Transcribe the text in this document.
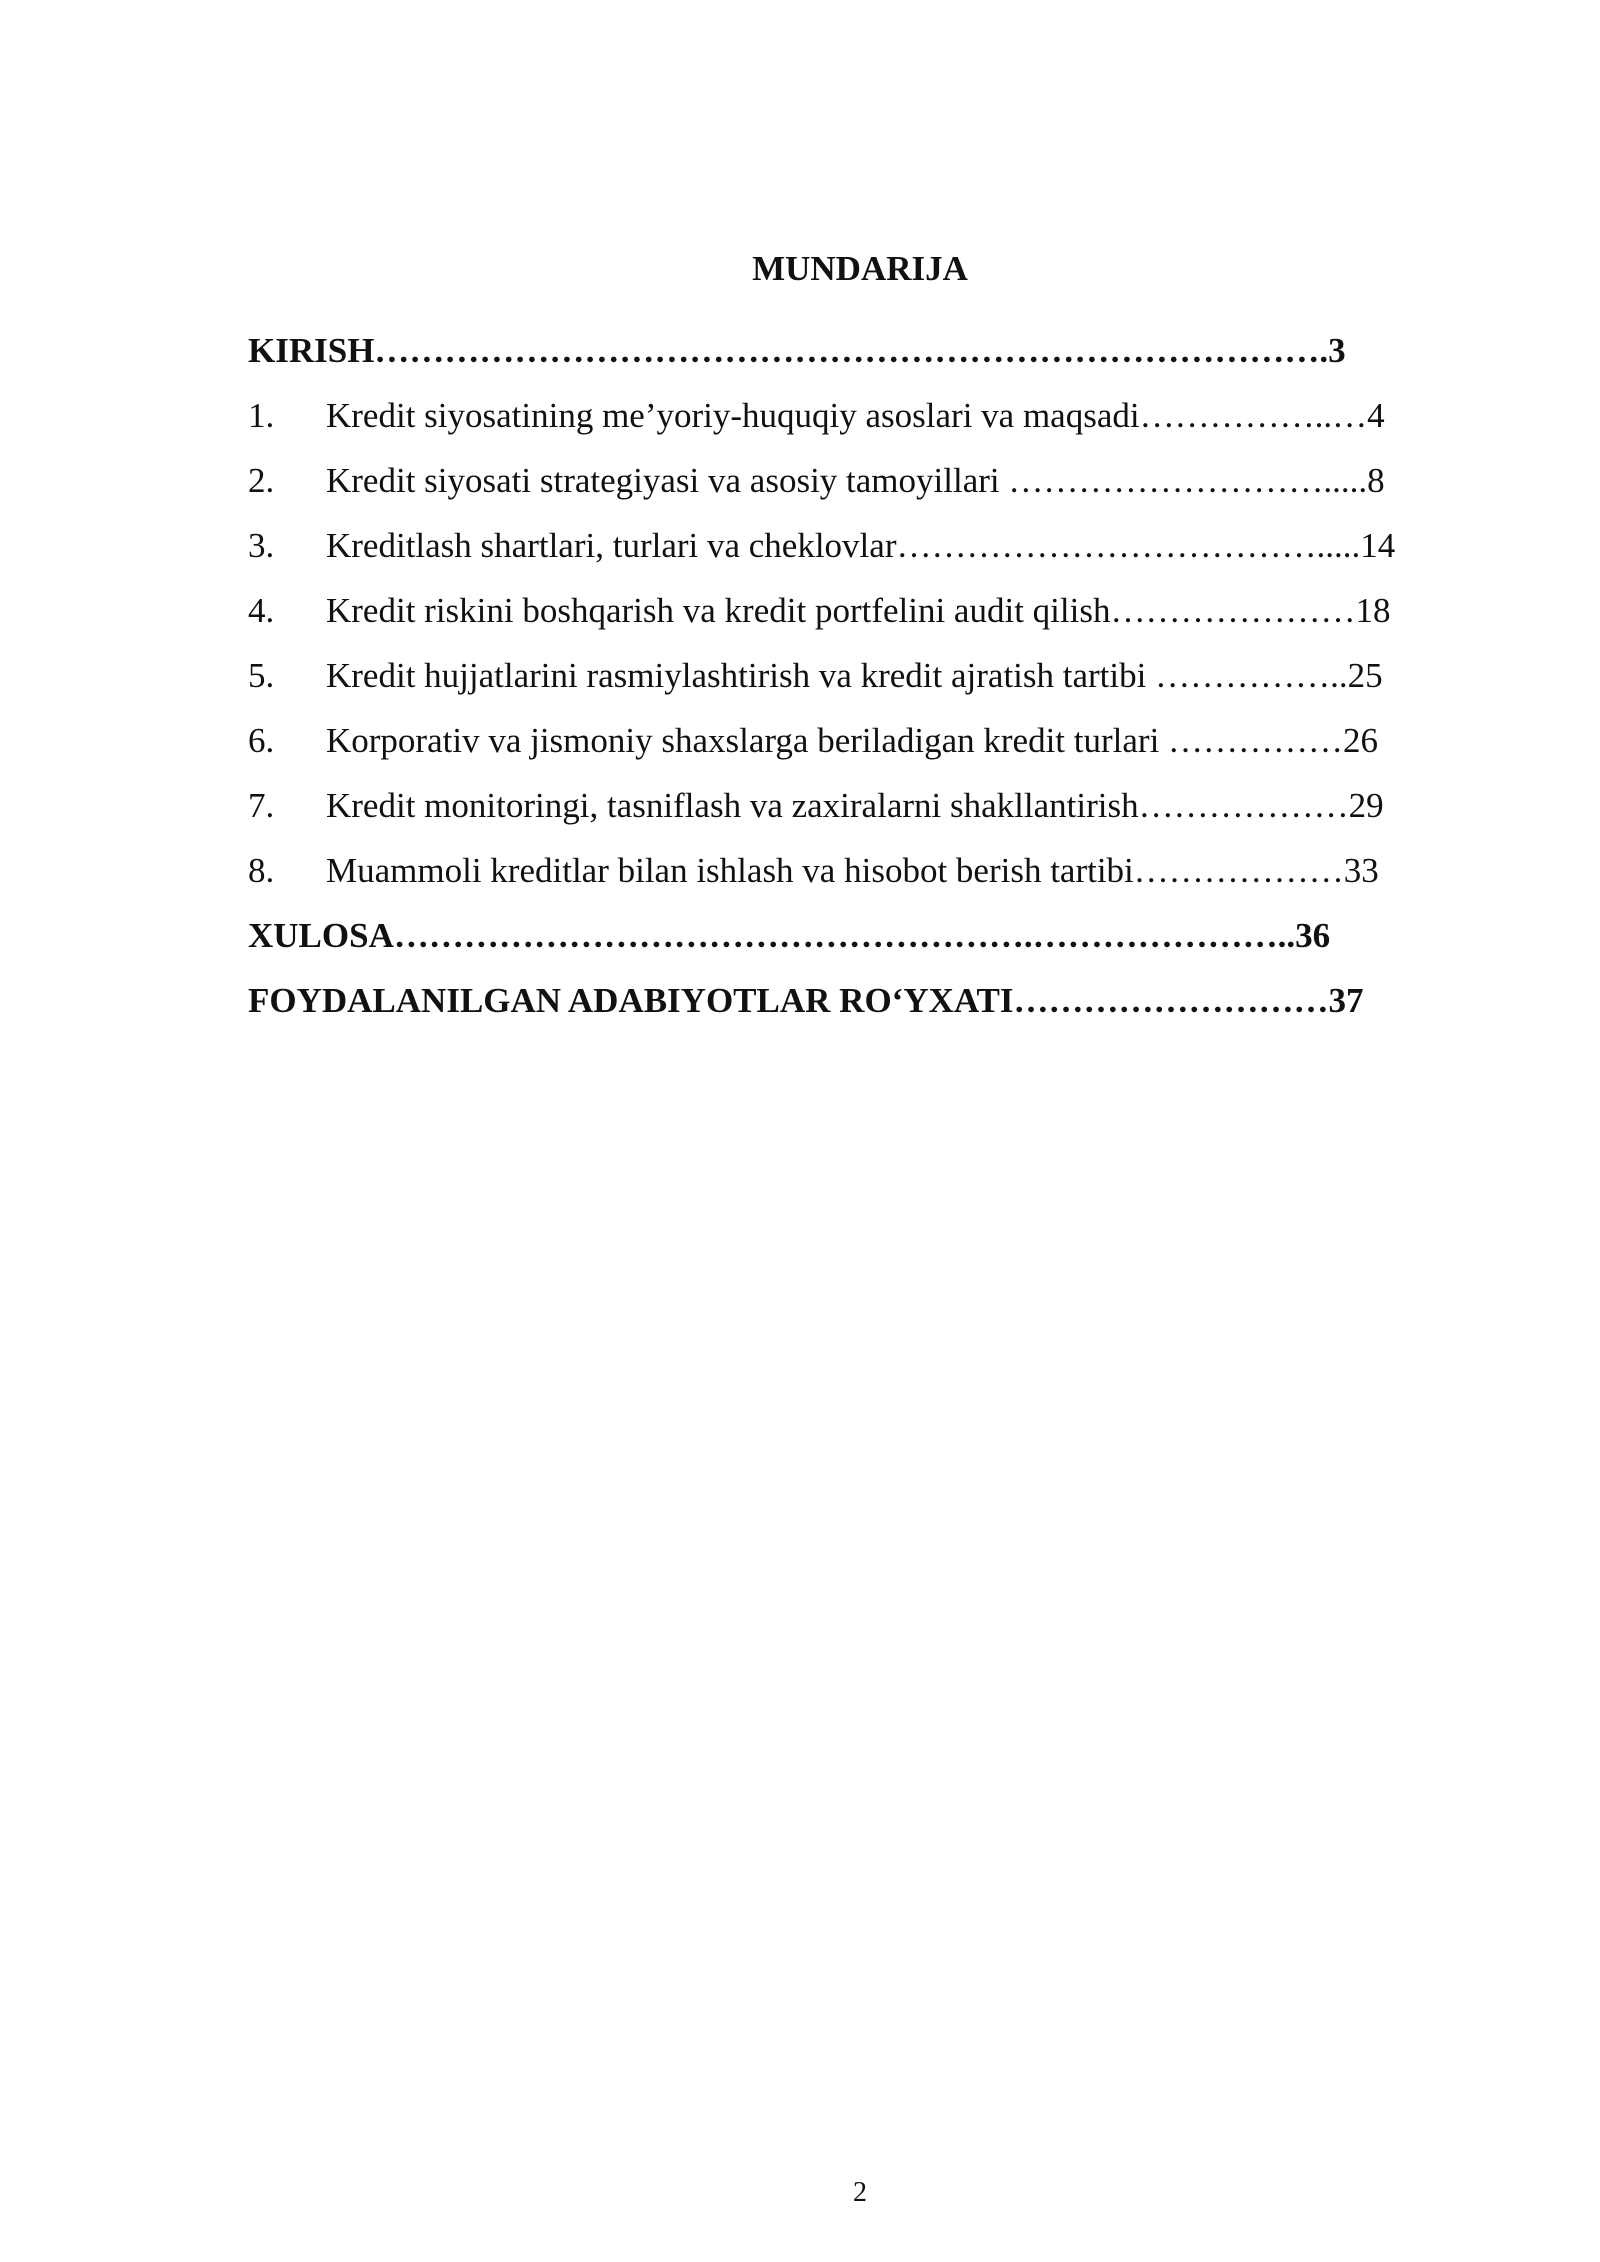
MUNDARIJA
KIRISH……………………………………………………………………….3
1. Kredit siyosatining me’yoriy-huquqiy asoslari va maqsadi……………..…4
2. Kredit siyosati strategiyasi va asosiy tamoyillari ……………………….....8
3. Kreditlash shartlari, turlari va cheklovlar……………………………….....14
4. Kredit riskini boshqarish va kredit portfelini audit qilish…………………18
5. Kredit hujjatlarini rasmiylashtirish va kredit ajratish tartibi ……………..25
6. Korporativ va jismoniy shaxslarga beriladigan kredit turlari ……………26
7. Kredit monitoringi, tasniflash va zaxiralarni shakllantirish………………29
8. Muammoli kreditlar bilan ishlash va hisobot berish tartibi………………33
XULOSA……………………………………………….…………………..36
FOYDALANILGAN ADABIYOTLAR RO‘YXATI………………………37
2
